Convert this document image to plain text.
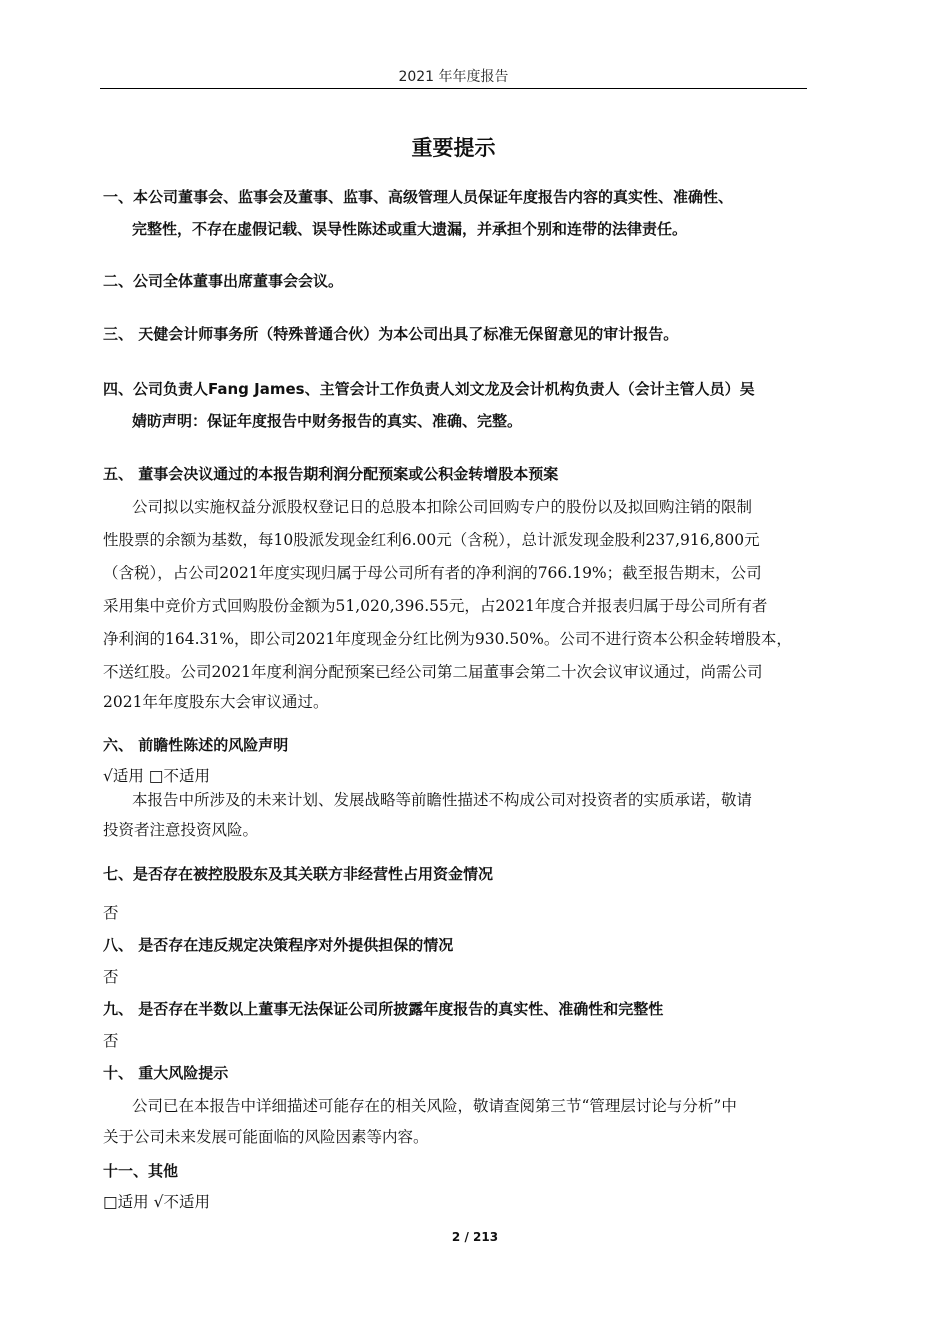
2021 年年度报告
重要提示
一、本公司董事会、监事会及董事、监事、高级管理人员保证年度报告内容的真实性、准确性、
完整性，不存在虚假记载、误导性陈述或重大遗漏，并承担个别和连带的法律责任。
二、公司全体董事出席董事会会议。
三、 天健会计师事务所（特殊普通合伙）为本公司出具了标准无保留意见的审计报告。
四、公司负责人Fang James、主管会计工作负责人刘文龙及会计机构负责人（会计主管人员）吴
婧昉声明：保证年度报告中财务报告的真实、准确、完整。
五、 董事会决议通过的本报告期利润分配预案或公积金转增股本预案
公司拟以实施权益分派股权登记日的总股本扣除公司回购专户的股份以及拟回购注销的限制
性股票的余额为基数，每10股派发现金红利6.00元（含税），总计派发现金股利237,916,800元
（含税），占公司2021年度实现归属于母公司所有者的净利润的766.19%；截至报告期末，公司
采用集中竞价方式回购股份金额为51,020,396.55元，占2021年度合并报表归属于母公司所有者
净利润的164.31%，即公司2021年度现金分红比例为930.50%。公司不进行资本公积金转增股本，
不送红股。公司2021年度利润分配预案已经公司第二届董事会第二十次会议审议通过，尚需公司
2021年年度股东大会审议通过。
六、 前瞻性陈述的风险声明
√适用 □不适用
本报告中所涉及的未来计划、发展战略等前瞻性描述不构成公司对投资者的实质承诺，敬请
投资者注意投资风险。
七、是否存在被控股股东及其关联方非经营性占用资金情况
否
八、 是否存在违反规定决策程序对外提供担保的情况
否
九、 是否存在半数以上董事无法保证公司所披露年度报告的真实性、准确性和完整性
否
十、 重大风险提示
公司已在本报告中详细描述可能存在的相关风险，敬请查阅第三节“管理层讨论与分析”中
关于公司未来发展可能面临的风险因素等内容。
十一、其他
□适用 √不适用
2 / 213
